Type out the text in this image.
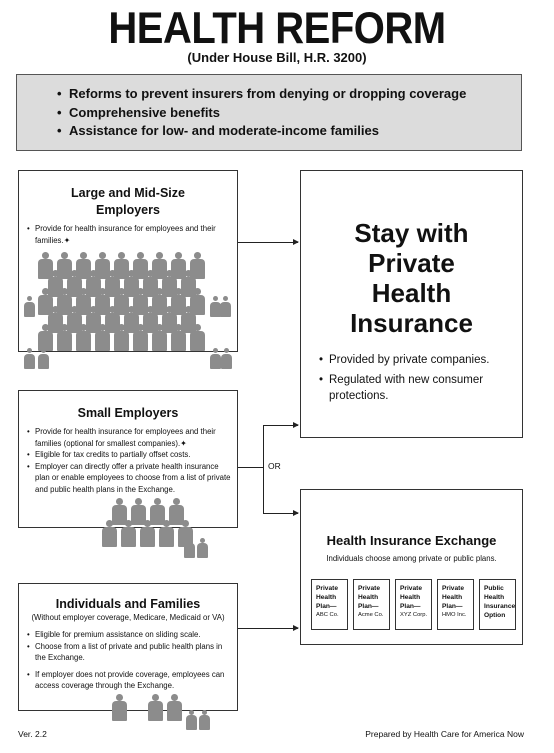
HEALTH REFORM
(Under House Bill, H.R. 3200)
• Reforms to prevent insurers from denying or dropping coverage
• Comprehensive benefits
• Assistance for low- and moderate-income families
Large and Mid-Size
Employers
• Provide for health insurance for employees and their families.✦
Small Employers
• Provide for health insurance for employees and their families (optional for smallest companies).✦
• Eligible for tax credits to partially offset costs.
• Employer can directly offer a private health insurance plan or enable employees to choose from a list of private and public health plans in the Exchange.
Individuals and Families
(Without employer coverage, Medicare, Medicaid or VA)
• Eligible for premium assistance on sliding scale.
• Choose from a list of private and public health plans in the Exchange.
• If employer does not provide coverage, employees can access coverage through the Exchange.
Stay with
Private
Health
Insurance
• Provided by private companies.
• Regulated with new consumer protections.
Health Insurance Exchange
Individuals choose among private or public plans.
Private
Health
Plan—
ABC Co.
Private
Health
Plan—
Acme Co.
Private
Health
Plan—
XYZ Corp.
Private
Health
Plan—
HMO Inc.
Public
Health
Insurance
Option
OR
Ver. 2.2	Prepared by Health Care for America Now
